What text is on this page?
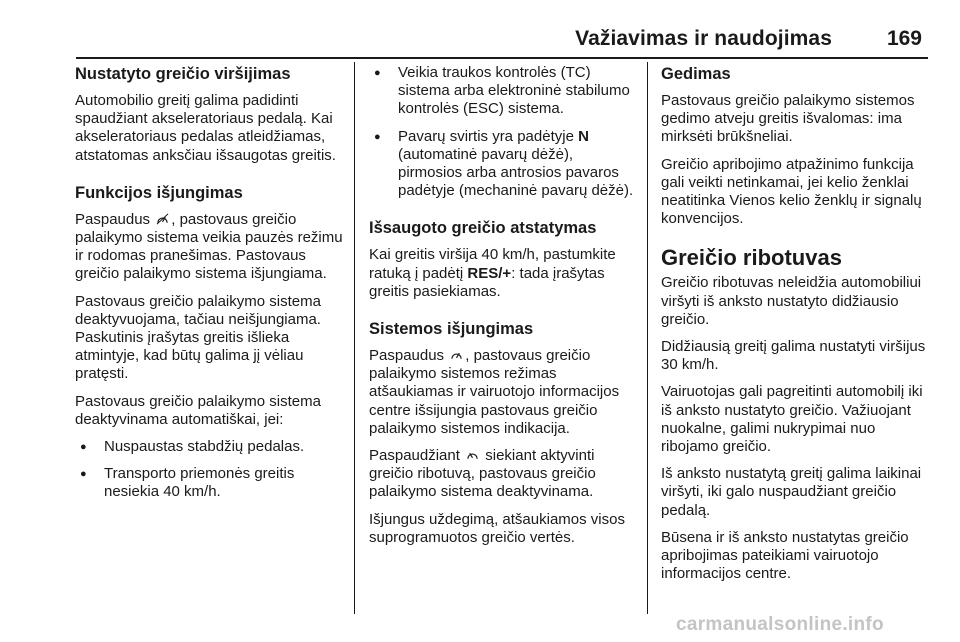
Važiavimas ir naudojimas	169
Nustatyto greičio viršijimas

Automobilio greitį galima padidinti spaudžiant akseleratoriaus pedalą. Kai akseleratoriaus pedalas atleidžiamas, atstatomas anksčiau išsaugotas greitis.

Funkcijos išjungimas

Paspaudus , pastovaus greičio palaikymo sistema veikia pauzės režimu ir rodomas pranešimas. Pastovaus greičio palaikymo sistema išjungiama.

Pastovaus greičio palaikymo sistema deaktyvuojama, tačiau neišjungiama. Paskutinis įrašytas greitis išlieka atmintyje, kad būtų galima jį vėliau pratęsti.

Pastovaus greičio palaikymo sistema deaktyvinama automatiškai, jei:

● Nuspaustas stabdžių pedalas.
● Transporto priemonės greitis nesiekia 40 km/h.
● Veikia traukos kontrolės (TC) sistema arba elektroninė stabilumo kontrolės (ESC) sistema.
● Pavarų svirtis yra padėtyje N
(automatinė pavarų dėžė), pirmosios arba antrosios pavaros padėtyje (mechaninė pavarų dėžė).
Išsaugoto greičio atstatymas

Kai greitis viršija 40 km/h, pastumkite ratuką į padėtį RES/+: tada įrašytas greitis pasiekiamas.

Sistemos išjungimas

Paspaudus , pastovaus greičio palaikymo sistemos režimas atšaukiamas ir vairuotojo informacijos centre išsijungia pastovaus greičio palaikymo sistemos indikacija.

Paspaudžiant siekiant aktyvinti greičio ribotuvą, pastovaus greičio palaikymo sistema deaktyvinama.

Išjungus uždegimą, atšaukiamos visos suprogramuotos greičio vertės.

Gedimas

Pastovaus greičio palaikymo sistemos gedimo atveju greitis išvalomas: ima mirksėti brūkšneliai.

Greičio apribojimo atpažinimo funkcija gali veikti netinkamai, jei kelio ženklai neatitinka Vienos kelio ženklų ir signalų konvencijos.

Greičio ribotuvas

Greičio ribotuvas neleidžia automobiliui viršyti iš anksto nustatyto didžiausio greičio.

Didžiausią greitį galima nustatyti viršijus 30 km/h.

Vairuotojas gali pagreitinti automobilį iki iš anksto nustatyto greičio. Važiuojant nuokalne, galimi nukrypimai nuo ribojamo greičio.

Iš anksto nustatytą greitį galima laikinai viršyti, iki galo nuspaudžiant greičio pedalą.

Būsena ir iš anksto nustatytas greičio apribojimas pateikiami vairuotojo informacijos centre.

carmanualsonline.info
